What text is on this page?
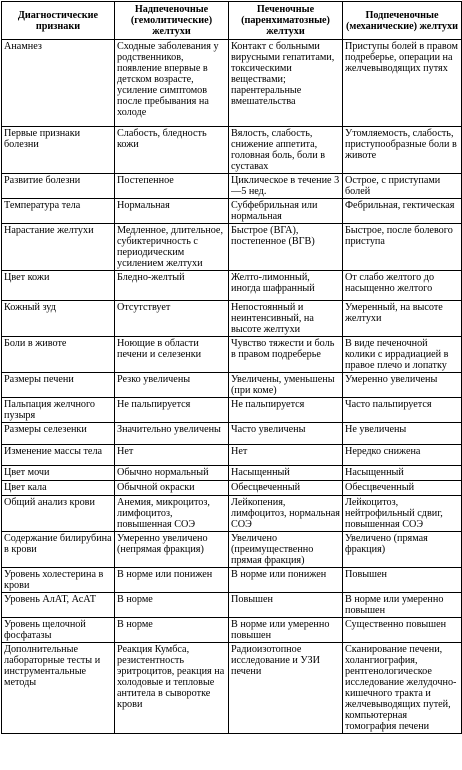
Диагностические признаки	Надпеченочные (гемолитические) желтухи	Печеночные (паренхиматозные) желтухи	Подпеченочные (механические) желтухи
Анамнез	Сходные заболевания у родственников, появление впервые в детском возрасте, усиление симптомов после пребывания на холоде	Контакт с больными вирусными гепатитами, токсическими веществами; парентеральные вмешательства	Приступы болей в правом подреберье, операции на желчевыводящих путях
Первые признаки болезни	Слабость, бледность кожи	Вялость, слабость, снижение аппетита, головная боль, боли в суставах	Утомляемость, слабость, приступообразные боли в животе
Развитие болезни	Постепенное	Циклическое в течение 3—5 нед.	Острое, с приступами болей
Температура тела	Нормальная	Субфебрильная или нормальная	Фебрильная, гектическая
Нарастание желтухи	Медленное, длительное, субиктеричность с периодическим усилением желтухи	Быстрое (ВГА), постепенное (ВГВ)	Быстрое, после болевого приступа
Цвет кожи	Бледно-желтый	Желто-лимонный, иногда шафранный	От слабо желтого до насыщенно желтого
Кожный зуд	Отсутствует	Непостоянный и неинтенсивный, на высоте желтухи	Умеренный, на высоте желтухи
Боли в животе	Ноющие в области печени и селезенки	Чувство тяжести и боль в правом подреберье	В виде печеночной колики с иррадиацией в правое плечо и лопатку
Размеры печени	Резко увеличены	Увеличены, уменьшены (при коме)	Умеренно увеличены
Пальпация желчного пузыря	Не пальпируется	Не пальпируется	Часто пальпируется
Размеры селезенки	Значительно увеличены	Часто увеличены	Не увеличены
Изменение массы тела	Нет	Нет	Нередко снижена
Цвет мочи	Обычно нормальный	Насыщенный	Насыщенный
Цвет кала	Обычной окраски	Обесцвеченный	Обесцвеченный
Общий анализ крови	Анемия, микроцитоз, лимфоцитоз, повышенная СОЭ	Лейкопения, лимфоцитоз, нормальная СОЭ	Лейкоцитоз, нейтрофильный сдвиг, повышенная СОЭ
Содержание билирубина в крови	Умеренно увеличено (непрямая фракция)	Увеличено (преимущественно прямая фракция)	Увеличено (прямая фракция)
Уровень холестерина в крови	В норме или понижен	В норме или понижен	Повышен
Уровень АлАТ, АсАТ	В норме	Повышен	В норме или умеренно повышен
Уровень щелочной фосфатазы	В норме	В норме или умеренно повышен	Существенно повышен
Дополнительные лабораторные тесты и инструментальные методы	Реакция Кумбса, резистентность эритроцитов, реакция на холодовые и тепловые антитела в сыворотке крови	Радиоизотопное исследование и УЗИ печени	Сканирование печени, холангиография, рентгенологическое исследование желудочно-кишечного тракта и желчевыводящих путей, компьютерная томография печени
